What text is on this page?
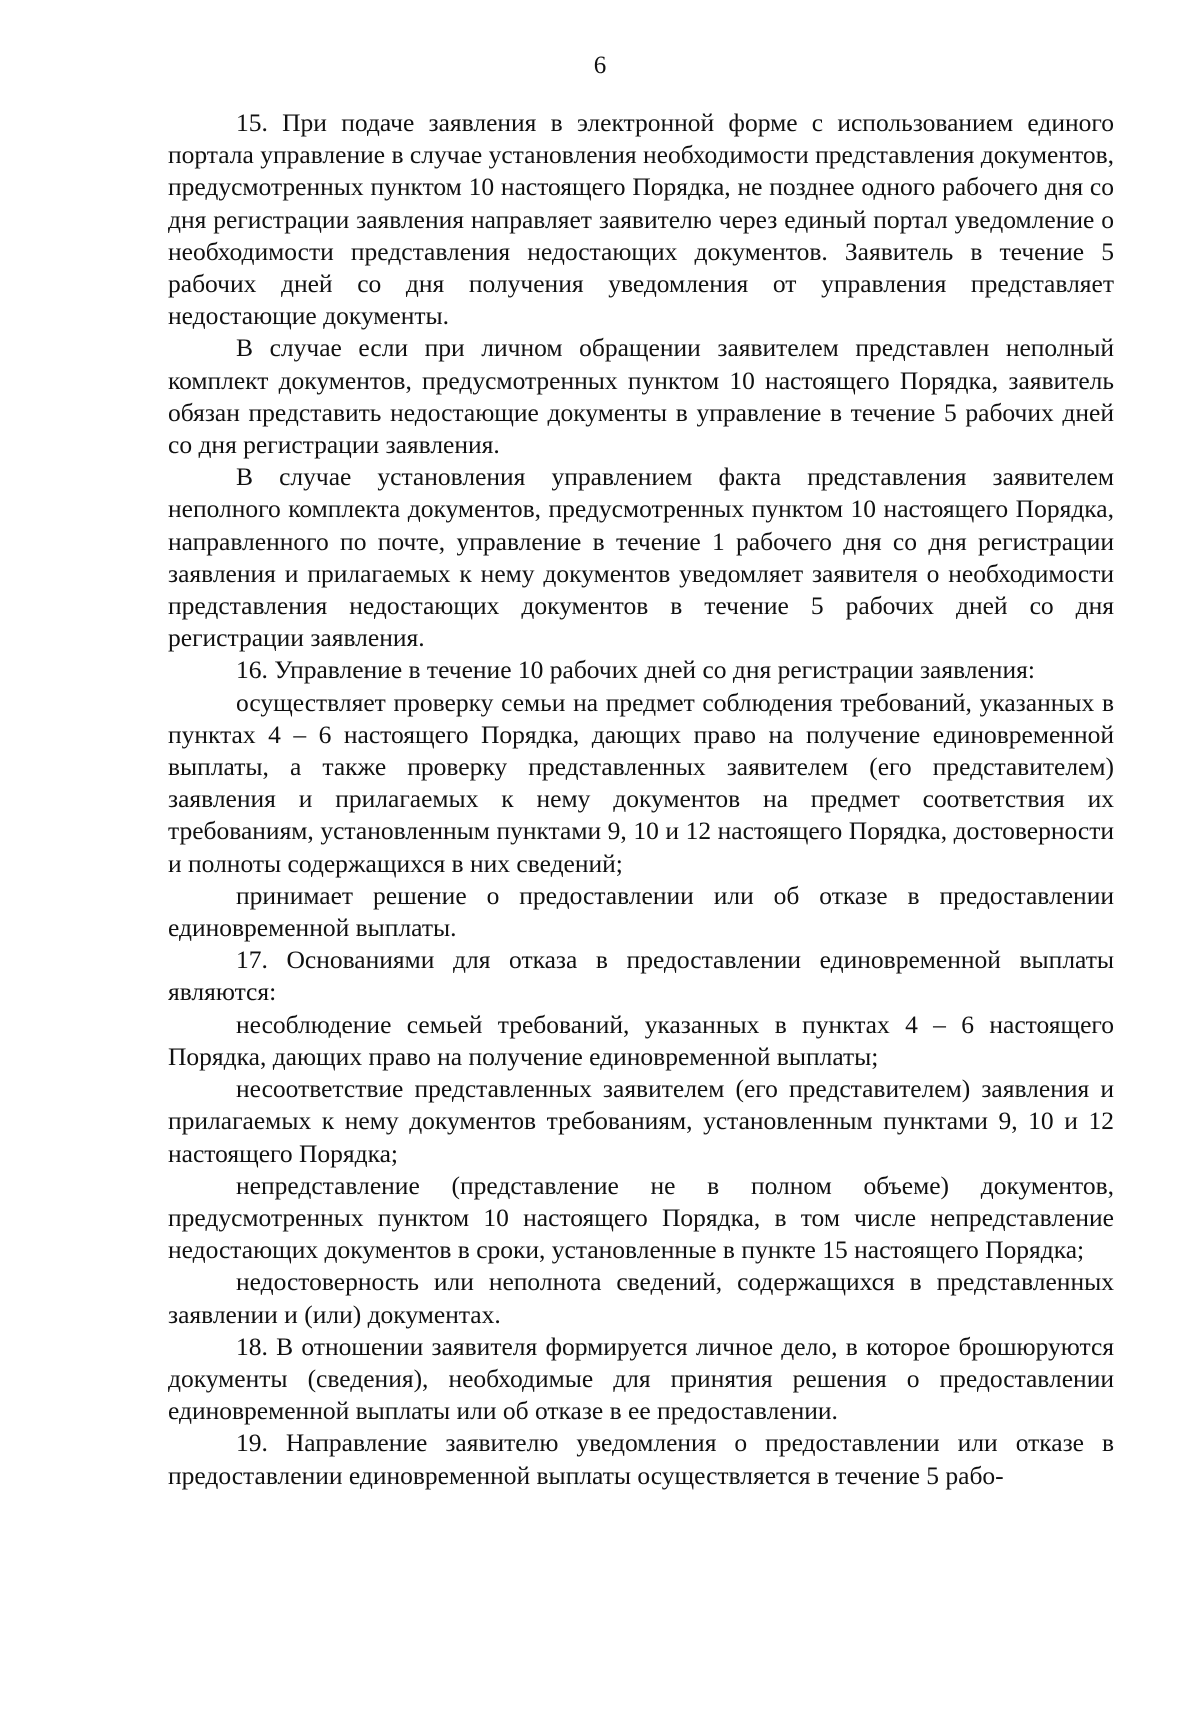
6

15. При подаче заявления в электронной форме с использованием единого портала управление в случае установления необходимости представления документов, предусмотренных пунктом 10 настоящего Порядка, не позднее одного рабочего дня со дня регистрации заявления направляет заявителю через единый портал уведомление о необходимости представления недостающих документов. Заявитель в течение 5 рабочих дней со дня получения уведомления от управления представляет недостающие документы.

В случае если при личном обращении заявителем представлен неполный комплект документов, предусмотренных пунктом 10 настоящего Порядка, заявитель обязан представить недостающие документы в управление в течение 5 рабочих дней со дня регистрации заявления.

В случае установления управлением факта представления заявителем неполного комплекта документов, предусмотренных пунктом 10 настоящего Порядка, направленного по почте, управление в течение 1 рабочего дня со дня регистрации заявления и прилагаемых к нему документов уведомляет заявителя о необходимости представления недостающих документов в течение 5 рабочих дней со дня регистрации заявления.

16. Управление в течение 10 рабочих дней со дня регистрации заявления:

осуществляет проверку семьи на предмет соблюдения требований, указанных в пунктах 4 – 6 настоящего Порядка, дающих право на получение единовременной выплаты, а также проверку представленных заявителем (его представителем) заявления и прилагаемых к нему документов на предмет соответствия их требованиям, установленным пунктами 9, 10 и 12 настоящего Порядка, достоверности и полноты содержащихся в них сведений;

принимает решение о предоставлении или об отказе в предоставлении единовременной выплаты.

17. Основаниями для отказа в предоставлении единовременной выплаты являются:

несоблюдение семьей требований, указанных в пунктах 4 – 6 настоящего Порядка, дающих право на получение единовременной выплаты;

несоответствие представленных заявителем (его представителем) заявления и прилагаемых к нему документов требованиям, установленным пунктами 9, 10 и 12 настоящего Порядка;

непредставление (представление не в полном объеме) документов, предусмотренных пунктом 10 настоящего Порядка, в том числе непредставление недостающих документов в сроки, установленные в пункте 15 настоящего Порядка;

недостоверность или неполнота сведений, содержащихся в представленных заявлении и (или) документах.

18. В отношении заявителя формируется личное дело, в которое брошюруются документы (сведения), необходимые для принятия решения о предоставлении единовременной выплаты или об отказе в ее предоставлении.

19. Направление заявителю уведомления о предоставлении или отказе в предоставлении единовременной выплаты осуществляется в течение 5 рабо-
